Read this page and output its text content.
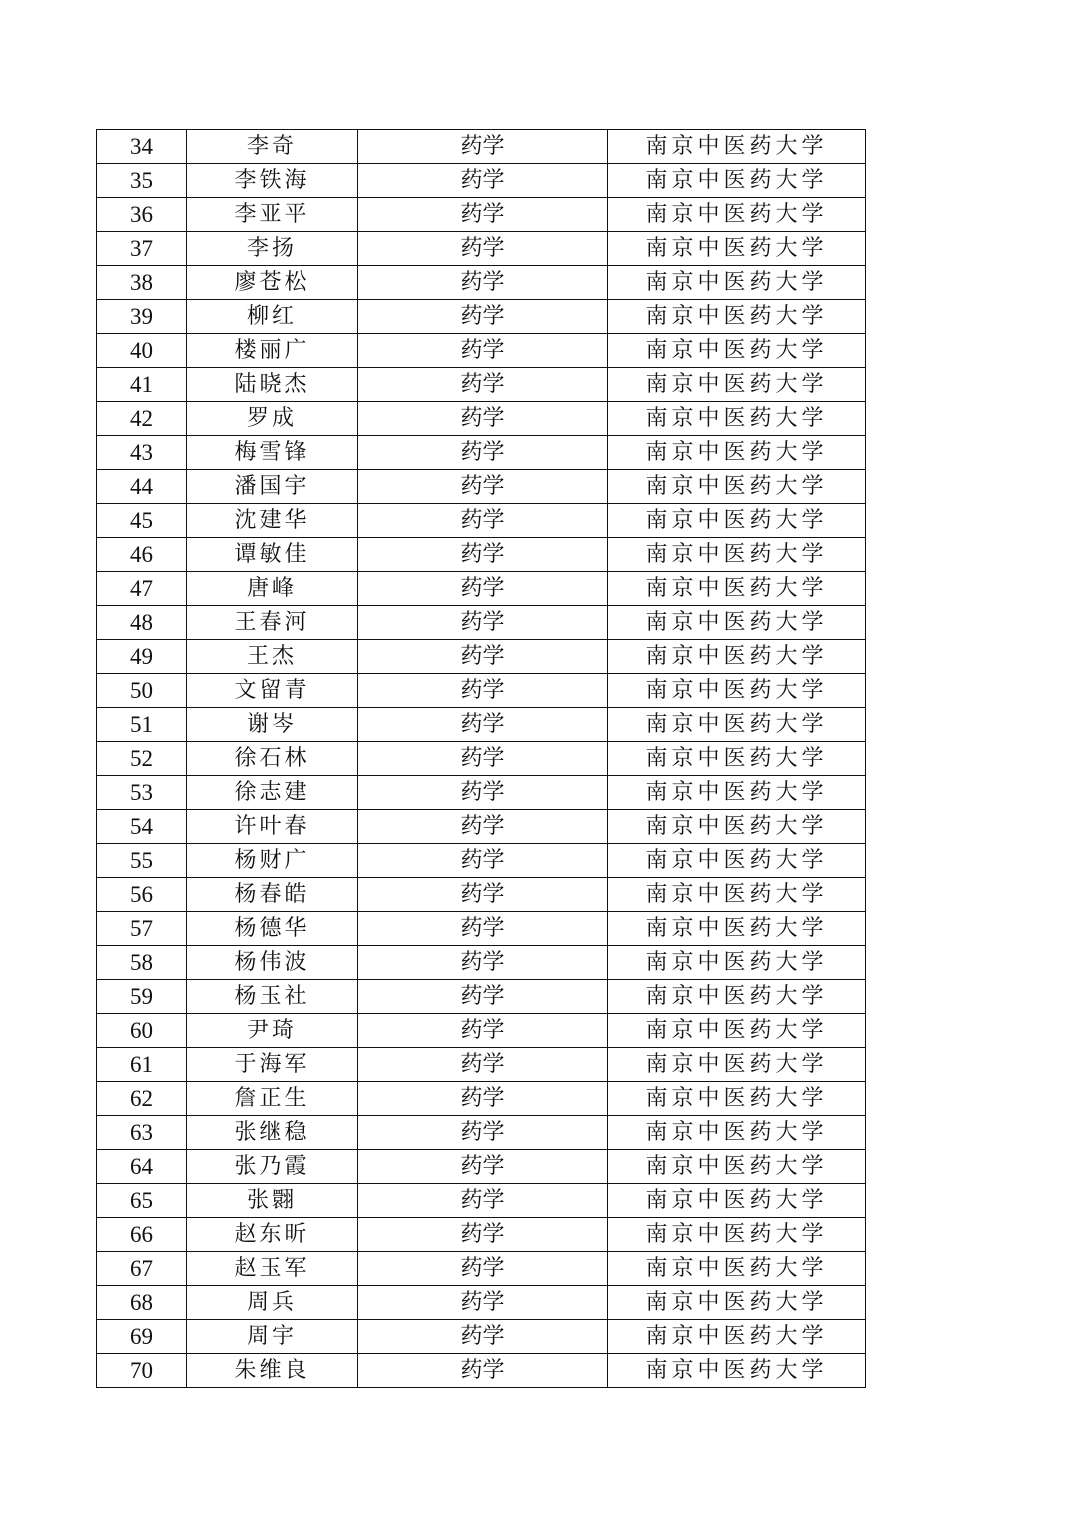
34	李奇	药学	南京中医药大学
35	李铁海	药学	南京中医药大学
36	李亚平	药学	南京中医药大学
37	李扬	药学	南京中医药大学
38	廖苍松	药学	南京中医药大学
39	柳红	药学	南京中医药大学
40	楼丽广	药学	南京中医药大学
41	陆晓杰	药学	南京中医药大学
42	罗成	药学	南京中医药大学
43	梅雪锋	药学	南京中医药大学
44	潘国宇	药学	南京中医药大学
45	沈建华	药学	南京中医药大学
46	谭敏佳	药学	南京中医药大学
47	唐峰	药学	南京中医药大学
48	王春河	药学	南京中医药大学
49	王杰	药学	南京中医药大学
50	文留青	药学	南京中医药大学
51	谢岑	药学	南京中医药大学
52	徐石林	药学	南京中医药大学
53	徐志建	药学	南京中医药大学
54	许叶春	药学	南京中医药大学
55	杨财广	药学	南京中医药大学
56	杨春皓	药学	南京中医药大学
57	杨德华	药学	南京中医药大学
58	杨伟波	药学	南京中医药大学
59	杨玉社	药学	南京中医药大学
60	尹琦	药学	南京中医药大学
61	于海军	药学	南京中医药大学
62	詹正生	药学	南京中医药大学
63	张继稳	药学	南京中医药大学
64	张乃霞	药学	南京中医药大学
65	张翾	药学	南京中医药大学
66	赵东昕	药学	南京中医药大学
67	赵玉军	药学	南京中医药大学
68	周兵	药学	南京中医药大学
69	周宇	药学	南京中医药大学
70	朱维良	药学	南京中医药大学
